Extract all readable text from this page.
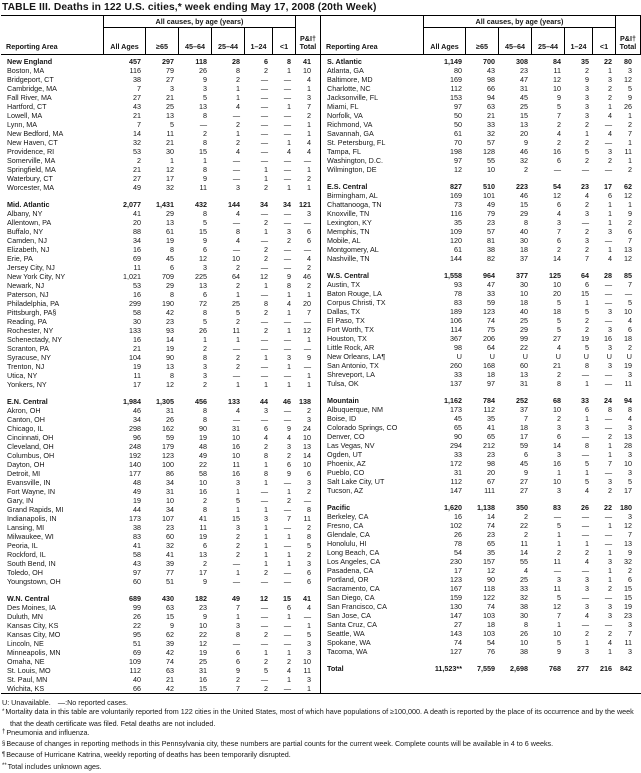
TABLE III. Deaths in 122 U.S. cities,* week ending May 17, 2008 (20th Week)
Reporting Area
All causes, by age (years)
All Ages	≥65	45–64	25–44	1–24	<1
P&I†
Total	Reporting Area
All causes, by age (years)
All Ages	≥65	45–64	25–44	1–24	<1
P&I†
Total
New England	457	297	118	28	6	8	41
Boston, MA	116	79	26	8	2	1	10
Bridgeport, CT	38	27	9	2	—	—	4
Cambridge, MA	7	3	3	1	—	—	1
Fall River, MA	27	21	5	1	—	—	3
Hartford, CT	43	25	13	4	—	1	7
Lowell, MA	21	13	8	—	—	—	2
Lynn, MA	7	5	—	2	—	—	1
New Bedford, MA	14	11	2	1	—	—	1
New Haven, CT	32	21	8	2	—	1	4
Providence, RI	53	30	15	4	—	4	4
Somerville, MA	2	1	1	—	—	—	—
Springfield, MA	21	12	8	—	1	—	1
Waterbury, CT	27	17	9	—	1	—	2
Worcester, MA	49	32	11	3	2	1	1
Mid. Atlantic	2,077	1,431	432	144	34	34	121
Albany, NY	41	29	8	4	—	—	3
Allentown, PA	20	13	5	—	2	—	—
Buffalo, NY	88	61	15	8	1	3	6
Camden, NJ	34	19	9	4	—	2	6
Elizabeth, NJ	16	8	6	—	2	—	—
Erie, PA	69	45	12	10	2	—	4
Jersey City, NJ	11	6	3	2	—	—	2
New York City, NY	1,021	709	225	64	12	9	46
Newark, NJ	53	29	13	2	1	8	2
Paterson, NJ	16	8	6	1	—	1	1
Philadelphia, PA	299	190	72	25	8	4	20
Pittsburgh, PA§	58	42	8	5	2	1	7
Reading, PA	30	23	5	2	—	—	—
Rochester, NY	133	93	26	11	2	1	12
Schenectady, NY	16	14	1	1	—	—	1
Scranton, PA	21	19	2	—	—	—	—
Syracuse, NY	104	90	8	2	1	3	9
Trenton, NJ	19	13	3	2	—	1	—
Utica, NY	11	8	3	—	—	—	1
Yonkers, NY	17	12	2	1	1	1	1
E.N. Central	1,984	1,305	456	133	44	46	138
Akron, OH	46	31	8	4	3	—	2
Canton, OH	34	26	8	—	—	—	3
Chicago, IL	298	162	90	31	6	9	24
Cincinnati, OH	96	59	19	10	4	4	10
Cleveland, OH	248	179	48	16	2	3	13
Columbus, OH	192	123	49	10	8	2	14
Dayton, OH	140	100	22	11	1	6	10
Detroit, MI	177	86	58	16	8	9	6
Evansville, IN	48	34	10	3	1	—	3
Fort Wayne, IN	49	31	16	1	—	1	2
Gary, IN	19	10	2	5	—	2	—
Grand Rapids, MI	44	34	8	1	1	—	8
Indianapolis, IN	173	107	41	15	3	7	11
Lansing, MI	38	23	11	3	1	—	2
Milwaukee, WI	83	60	19	2	1	1	8
Peoria, IL	41	32	6	2	1	—	5
Rockford, IL	58	41	13	2	1	1	2
South Bend, IN	43	39	2	—	1	1	3
Toledo, OH	97	77	17	1	2	—	6
Youngstown, OH	60	51	9	—	—	—	6
W.N. Central	689	430	182	49	12	15	41
Des Moines, IA	99	63	23	7	—	6	4
Duluth, MN	26	15	9	1	—	1	—
Kansas City, KS	22	9	10	3	—	—	1
Kansas City, MO	95	62	22	8	2	—	5
Lincoln, NE	51	39	12	—	—	—	3
Minneapolis, MN	69	42	19	6	1	1	3
Omaha, NE	109	74	25	6	2	2	10
St. Louis, MO	112	63	31	9	5	4	11
St. Paul, MN	40	21	16	2	—	1	3
Wichita, KS	66	42	15	7	2	—	1
S. Atlantic	1,149	700	308	84	35	22	80
Atlanta, GA	80	43	23	11	2	1	3
Baltimore, MD	169	98	47	12	9	3	12
Charlotte, NC	112	66	31	10	3	2	5
Jacksonville, FL	153	94	45	9	3	2	9
Miami, FL	97	63	25	5	3	1	26
Norfolk, VA	50	21	15	7	3	4	1
Richmond, VA	50	33	13	2	2	—	2
Savannah, GA	61	32	20	4	1	4	7
St. Petersburg, FL	70	57	9	2	2	—	1
Tampa, FL	198	128	46	16	5	3	11
Washington, D.C.	97	55	32	6	2	2	1
Wilmington, DE	12	10	2	—	—	—	2
E.S. Central	827	510	223	54	23	17	62
Birmingham, AL	169	101	46	12	4	6	12
Chattanooga, TN	73	49	15	6	2	1	1
Knoxville, TN	116	79	29	4	3	1	9
Lexington, KY	35	23	8	3	—	1	2
Memphis, TN	109	57	40	7	2	3	6
Mobile, AL	120	81	30	6	3	—	7
Montgomery, AL	61	38	18	2	2	1	13
Nashville, TN	144	82	37	14	7	4	12
W.S. Central	1,558	964	377	125	64	28	85
Austin, TX	93	47	30	10	6	—	7
Baton Rouge, LA	78	33	10	20	15	—	—
Corpus Christi, TX	83	59	18	5	1	—	5
Dallas, TX	189	123	40	18	5	3	10
El Paso, TX	106	74	25	5	2	—	4
Fort Worth, TX	114	75	29	5	2	3	6
Houston, TX	367	206	99	27	19	16	18
Little Rock, AR	98	64	22	4	5	3	2
New Orleans, LA¶	U	U	U	U	U	U	U
San Antonio, TX	260	168	60	21	8	3	19
Shreveport, LA	33	18	13	2	—	—	3
Tulsa, OK	137	97	31	8	1	—	11
Mountain	1,162	784	252	68	33	24	94
Albuquerque, NM	173	112	37	10	6	8	8
Boise, ID	45	35	7	2	1	—	4
Colorado Springs, CO	65	41	18	3	3	—	3
Denver, CO	90	65	17	6	—	2	13
Las Vegas, NV	294	212	59	14	8	1	28
Ogden, UT	33	23	6	3	—	1	3
Phoenix, AZ	172	98	45	16	5	7	10
Pueblo, CO	31	20	9	1	1	—	3
Salt Lake City, UT	112	67	27	10	5	3	5
Tucson, AZ	147	111	27	3	4	2	17
Pacific	1,620	1,138	350	83	26	22	180
Berkeley, CA	16	14	2	—	—	—	3
Fresno, CA	102	74	22	5	—	1	12
Glendale, CA	26	23	2	1	—	—	7
Honolulu, HI	78	65	11	1	1	—	13
Long Beach, CA	54	35	14	2	2	1	9
Los Angeles, CA	230	157	55	11	4	3	32
Pasadena, CA	17	12	4	—	—	1	2
Portland, OR	123	90	25	3	3	1	6
Sacramento, CA	167	118	33	11	3	2	15
San Diego, CA	159	122	32	5	—	—	15
San Francisco, CA	130	74	38	12	3	3	19
San Jose, CA	147	103	30	7	4	3	23
Santa Cruz, CA	27	18	8	1	—	—	3
Seattle, WA	143	103	26	10	2	2	7
Spokane, WA	74	54	10	5	1	4	11
Tacoma, WA	127	76	38	9	3	1	3
Total	11,523**	7,559	2,698	768	277	216	842

U: Unavailable. —:No reported cases.

*Mortality data in this table are voluntarily reported from 122 cities in the United States, most of which have populations of ≥100,000. A death is reported by the place of its occurrence and by the week that the death certificate was filed. Fetal deaths are not included.

†Pneumonia and influenza.

§Because of changes in reporting methods in this Pennsylvania city, these numbers are partial counts for the current week. Complete counts will be available in 4 to 6 weeks.

¶Because of Hurricane Katrina, weekly reporting of deaths has been temporarily disrupted.

**Total includes unknown ages.
